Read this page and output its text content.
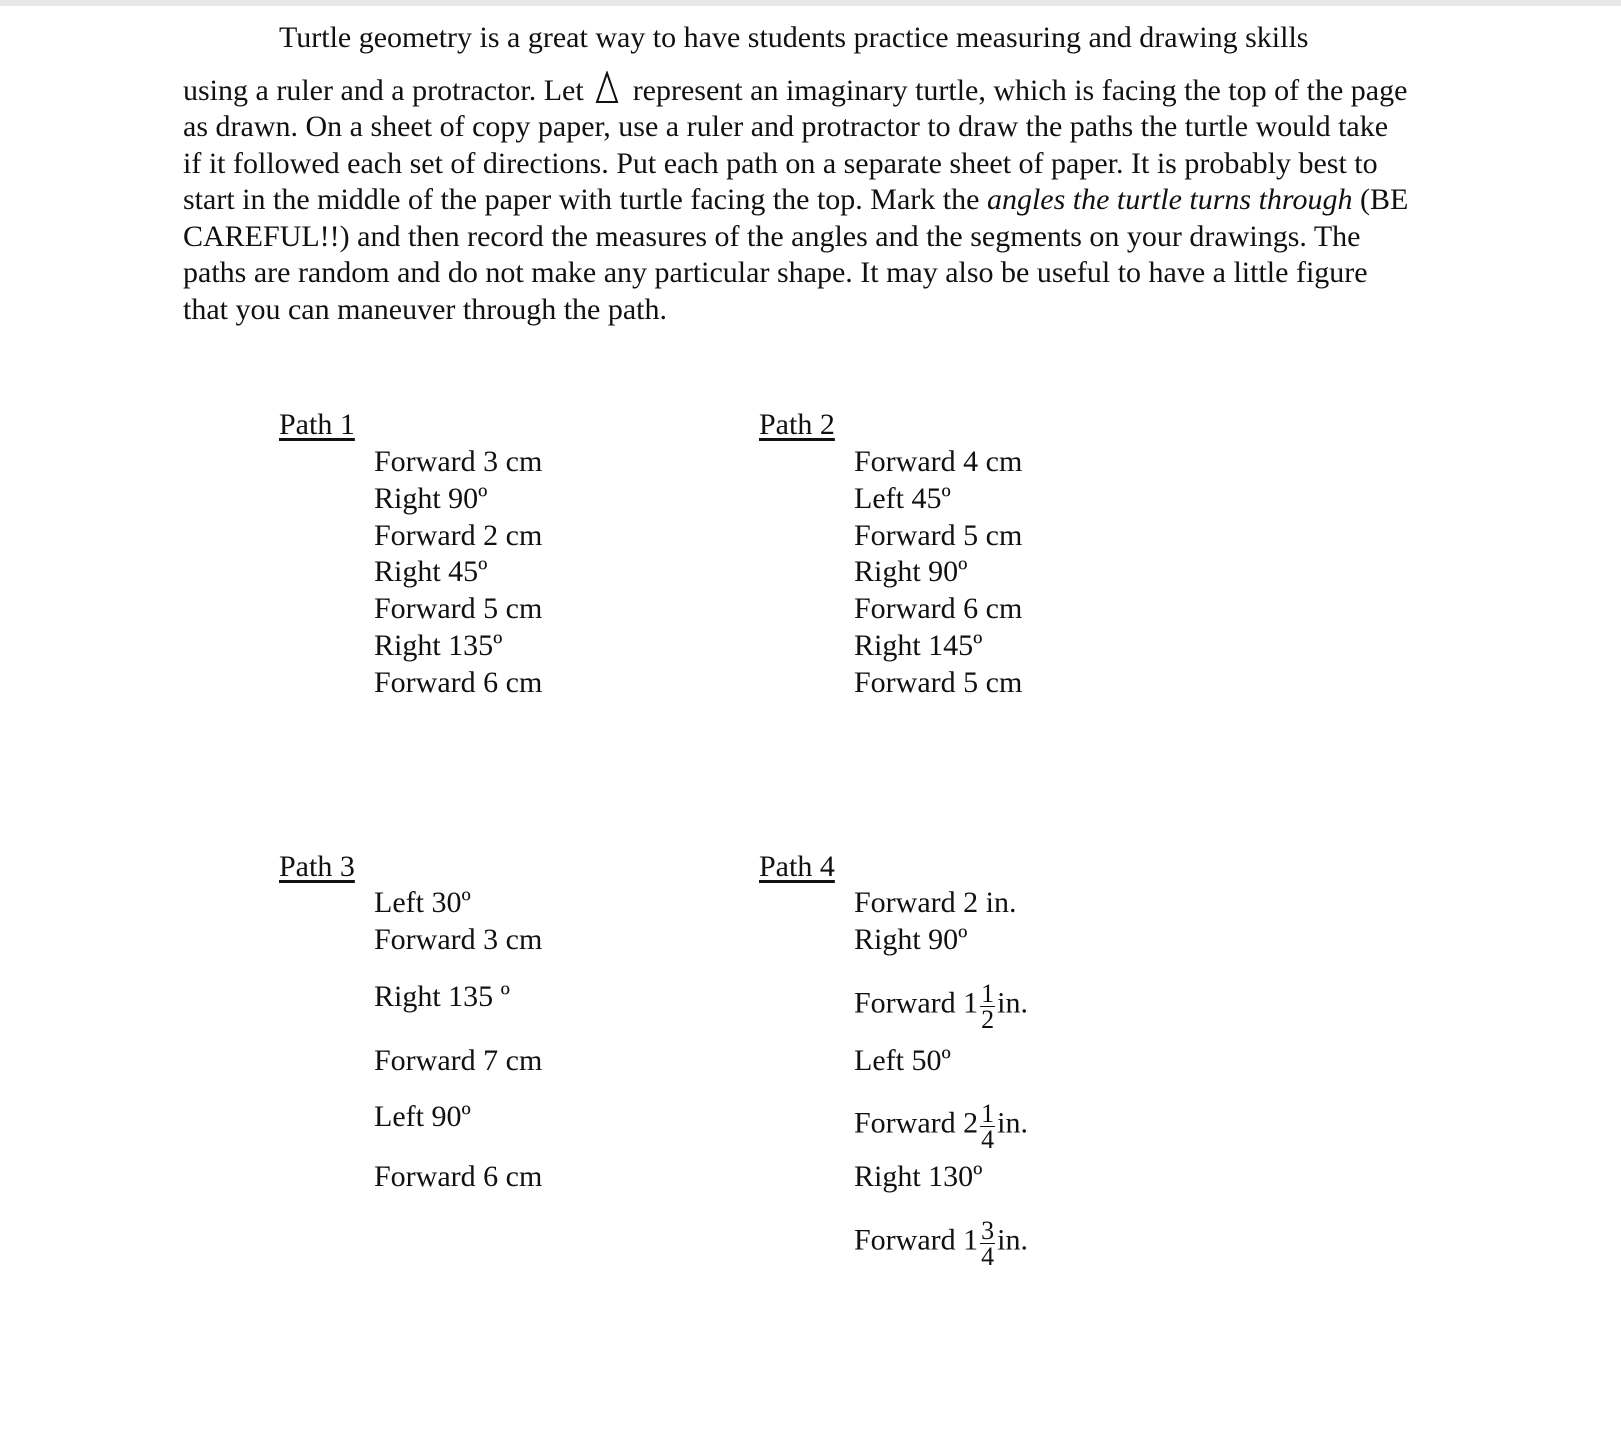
Turtle geometry is a great way to have students practice measuring and drawing skills
using a ruler and a protractor. Let represent an imaginary turtle, which is facing the top of the page as drawn. On a sheet of copy paper, use a ruler and protractor to draw the paths the turtle would take if it followed each set of directions. Put each path on a separate sheet of paper. It is probably best to start in the middle of the paper with turtle facing the top. Mark the angles the turtle turns through (BE CAREFUL!!) and then record the measures of the angles and the segments on your drawings. The paths are random and do not make any particular shape. It may also be useful to have a little figure that you can maneuver through the path.
Path 1
Forward 3 cm
Right 90º
Forward 2 cm
Right 45º
Forward 5 cm
Right 135º
Forward 6 cm
Path 2
Forward 4 cm
Left 45º
Forward 5 cm
Right 90º
Forward 6 cm
Right 145º
Forward 5 cm
Path 3
Left 30º
Forward 3 cm
Right 135 º
Forward 7 cm
Left 90º
Forward 6 cm
Path 4
Forward 2 in.
Right 90º
Forward $1 \frac{1}{2}$ in.
Left 50º
Forward $2 \frac{1}{4}$ in.
Right 130º
Forward $1 \frac{3}{4}$ in.
